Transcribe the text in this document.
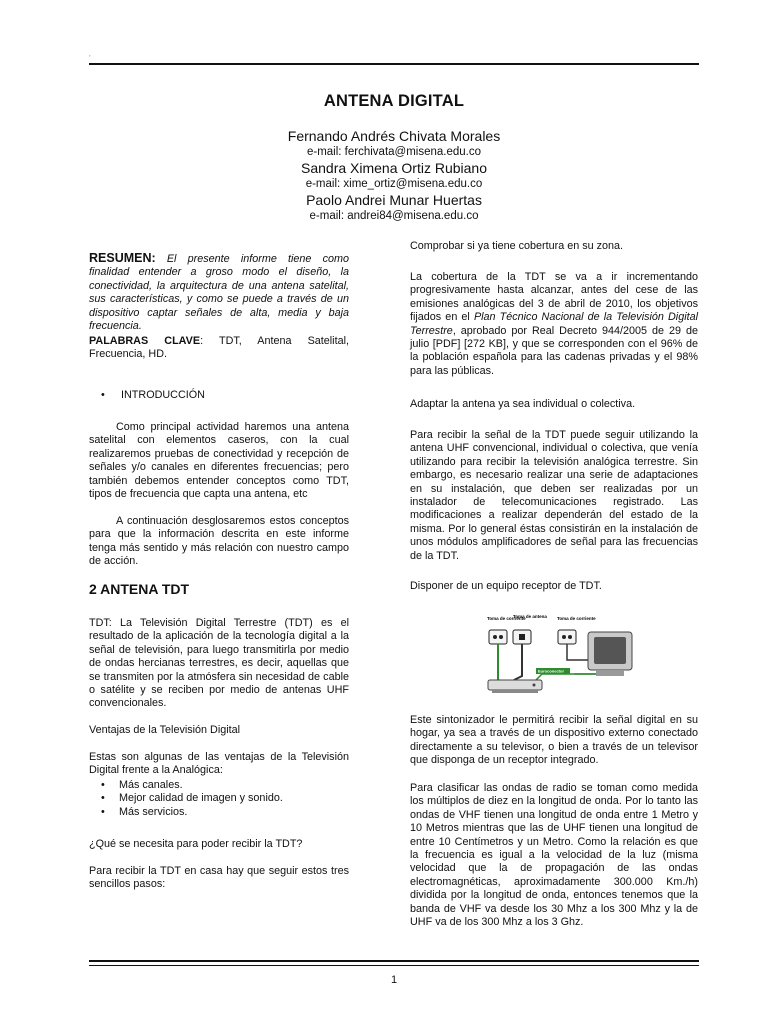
,
ANTENA DIGITAL
Fernando Andrés Chivata Morales
e-mail: ferchivata@misena.edu.co
Sandra Ximena Ortiz Rubiano
e-mail: xime_ortiz@misena.edu.co
Paolo Andrei Munar Huertas
e-mail: andrei84@misena.edu.co

RESUMEN: El presente informe tiene como finalidad entender a groso modo el diseño, la conectividad, la arquitectura de una antena satelital, sus características, y como se puede a través de un dispositivo captar señales de alta, media y baja frecuencia.

PALABRAS CLAVE: TDT, Antena Satelital, Frecuencia, HD.

• INTRODUCCIÓN

Como principal actividad haremos una antena satelital con elementos caseros, con la cual realizaremos pruebas de conectividad y recepción de señales y/o canales en diferentes frecuencias; pero también debemos entender conceptos como TDT, tipos de frecuencia que capta una antena, etc

A continuación desglosaremos estos conceptos para que la información descrita en este informe tenga más sentido y más relación con nuestro campo de acción.

2 ANTENA TDT

TDT: La Televisión Digital Terrestre (TDT) es el resultado de la aplicación de la tecnología digital a la señal de televisión, para luego transmitirla por medio de ondas hercianas terrestres, es decir, aquellas que se transmiten por la atmósfera sin necesidad de cable o satélite y se reciben por medio de antenas UHF convencionales.

Ventajas de la Televisión Digital

Estas son algunas de las ventajas de la Televisión Digital frente a la Analógica:

• Más canales.
• Mejor calidad de imagen y sonido.
• Más servicios.

¿Qué se necesita para poder recibir la TDT?

Para recibir la TDT en casa hay que seguir estos tres sencillos pasos:

Comprobar si ya tiene cobertura en su zona.

La cobertura de la TDT se va a ir incrementando progresivamente hasta alcanzar, antes del cese de las emisiones analógicas del 3 de abril de 2010, los objetivos fijados en el Plan Técnico Nacional de la Televisión Digital Terrestre, aprobado por Real Decreto 944/2005 de 29 de julio [PDF] [272 KB], y que se corresponden con el 96% de la población española para las cadenas privadas y el 98% para las públicas.

Adaptar la antena ya sea individual o colectiva.

Para recibir la señal de la TDT puede seguir utilizando la antena UHF convencional, individual o colectiva, que venía utilizando para recibir la televisión analógica terrestre. Sin embargo, es necesario realizar una serie de adaptaciones en su instalación, que deben ser realizadas por un instalador de telecomunicaciones registrado. Las modificaciones a realizar dependerán del estado de la misma. Por lo general éstas consistirán en la instalación de unos módulos amplificadores de señal para las frecuencias de la TDT.

Disponer de un equipo receptor de TDT.

Toma de corriente
Toma de antena Toma de corriente
Euroconector

Este sintonizador le permitirá recibir la señal digital en su hogar, ya sea a través de un dispositivo externo conectado directamente a su televisor, o bien a través de un televisor que disponga de un receptor integrado.

Para clasificar las ondas de radio se toman como medida los múltiplos de diez en la longitud de onda. Por lo tanto las ondas de VHF tienen una longitud de onda entre 1 Metro y 10 Metros mientras que las de UHF tienen una longitud de entre 10 Centímetros y un Metro. Como la relación es que la frecuencia es igual a la velocidad de la luz (misma velocidad que la de propagación de las ondas electromagnéticas, aproximadamente 300.000 Km./h) dividida por la longitud de onda, entonces tenemos que la banda de VHF va desde los 30 Mhz a los 300 Mhz y la de UHF va de los 300 Mhz a los 3 Ghz.

1
